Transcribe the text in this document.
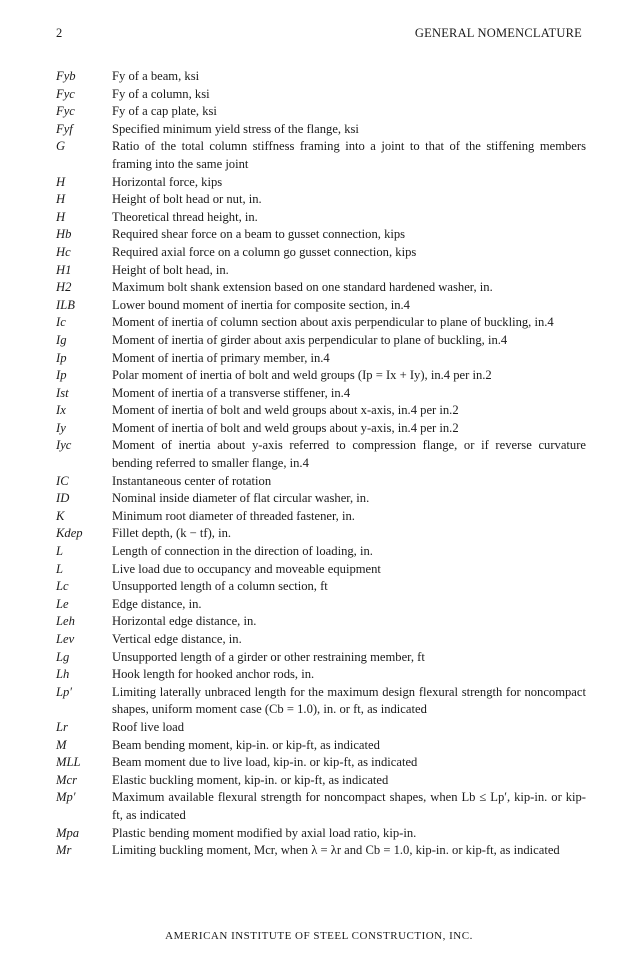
2	GENERAL NOMENCLATURE
Fyb	Fy of a beam, ksi
Fyc	Fy of a column, ksi
Fyc	Fy of a cap plate, ksi
Fyf	Specified minimum yield stress of the flange, ksi
G	Ratio of the total column stiffness framing into a joint to that of the stiffening members framing into the same joint
H	Horizontal force, kips
H	Height of bolt head or nut, in.
H	Theoretical thread height, in.
Hb	Required shear force on a beam to gusset connection, kips
Hc	Required axial force on a column go gusset connection, kips
H1	Height of bolt head, in.
H2	Maximum bolt shank extension based on one standard hardened washer, in.
ILB	Lower bound moment of inertia for composite section, in.4
Ic	Moment of inertia of column section about axis perpendicular to plane of buckling, in.4
Ig	Moment of inertia of girder about axis perpendicular to plane of buckling, in.4
Ip	Moment of inertia of primary member, in.4
Ip	Polar moment of inertia of bolt and weld groups (Ip = Ix + Iy), in.4 per in.2
Ist	Moment of inertia of a transverse stiffener, in.4
Ix	Moment of inertia of bolt and weld groups about x-axis, in.4 per in.2
Iy	Moment of inertia of bolt and weld groups about y-axis, in.4 per in.2
Iyc	Moment of inertia about y-axis referred to compression flange, or if reverse curvature bending referred to smaller flange, in.4
IC	Instantaneous center of rotation
ID	Nominal inside diameter of flat circular washer, in.
K	Minimum root diameter of threaded fastener, in.
Kdep	Fillet depth, (k − tf), in.
L	Length of connection in the direction of loading, in.
L	Live load due to occupancy and moveable equipment
Lc	Unsupported length of a column section, ft
Le	Edge distance, in.
Leh	Horizontal edge distance, in.
Lev	Vertical edge distance, in.
Lg	Unsupported length of a girder or other restraining member, ft
Lh	Hook length for hooked anchor rods, in.
Lp′	Limiting laterally unbraced length for the maximum design flexural strength for noncompact shapes, uniform moment case (Cb = 1.0), in. or ft, as indicated
Lr	Roof live load
M	Beam bending moment, kip-in. or kip-ft, as indicated
MLL	Beam moment due to live load, kip-in. or kip-ft, as indicated
Mcr	Elastic buckling moment, kip-in. or kip-ft, as indicated
Mp′	Maximum available flexural strength for noncompact shapes, when Lb ≤ Lp′, kip-in. or kip-ft, as indicated
Mpa	Plastic bending moment modified by axial load ratio, kip-in.
Mr	Limiting buckling moment, Mcr, when λ = λr and Cb = 1.0, kip-in. or kip-ft, as indicated
AMERICAN INSTITUTE OF STEEL CONSTRUCTION, INC.
